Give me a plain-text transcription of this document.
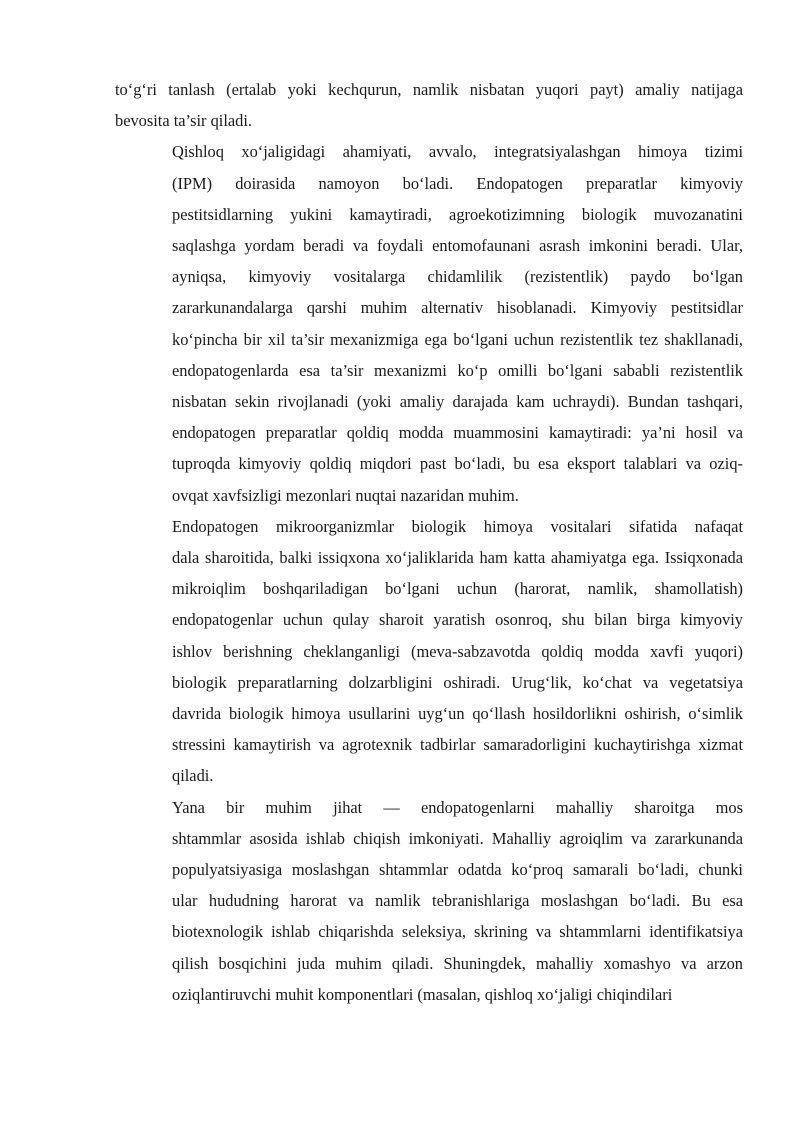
to‘g‘ri tanlash (ertalab yoki kechqurun, namlik nisbatan yuqori payt) amaliy natijaga
bevosita ta’sir qiladi.
Qishloq xo‘jaligidagi ahamiyati, avvalo, integratsiyalashgan himoya tizimi
(IPM) doirasida namoyon bo‘ladi. Endopatogen preparatlar kimyoviy
pestitsidlarning yukini kamaytiradi, agroekotizimning biologik muvozanatini
saqlashga yordam beradi va foydali entomofaunani asrash imkonini beradi. Ular,
ayniqsa, kimyoviy vositalarga chidamlilik (rezistentlik) paydo bo‘lgan
zararkunandalarga qarshi muhim alternativ hisoblanadi. Kimyoviy pestitsidlar
ko‘pincha bir xil ta’sir mexanizmiga ega bo‘lgani uchun rezistentlik tez shakllanadi,
endopatogenlarda esa ta’sir mexanizmi ko‘p omilli bo‘lgani sababli rezistentlik
nisbatan sekin rivojlanadi (yoki amaliy darajada kam uchraydi). Bundan tashqari,
endopatogen preparatlar qoldiq modda muammosini kamaytiradi: ya’ni hosil va
tuproqda kimyoviy qoldiq miqdori past bo‘ladi, bu esa eksport talablari va oziq-
ovqat xavfsizligi mezonlari nuqtai nazaridan muhim.
Endopatogen mikroorganizmlar biologik himoya vositalari sifatida nafaqat
dala sharoitida, balki issiqxona xo‘jaliklarida ham katta ahamiyatga ega. Issiqxonada
mikroiqlim boshqariladigan bo‘lgani uchun (harorat, namlik, shamollatish)
endopatogenlar uchun qulay sharoit yaratish osonroq, shu bilan birga kimyoviy
ishlov berishning cheklanganligi (meva-sabzavotda qoldiq modda xavfi yuqori)
biologik preparatlarning dolzarbligini oshiradi. Urug‘lik, ko‘chat va vegetatsiya
davrida biologik himoya usullarini uyg‘un qo‘llash hosildorlikni oshirish, o‘simlik
stressini kamaytirish va agrotexnik tadbirlar samaradorligini kuchaytirishga xizmat
qiladi.
Yana bir muhim jihat — endopatogenlarni mahalliy sharoitga mos
shtammlar asosida ishlab chiqish imkoniyati. Mahalliy agroiqlim va zararkunanda
populyatsiyasiga moslashgan shtammlar odatda ko‘proq samarali bo‘ladi, chunki
ular hududning harorat va namlik tebranishlariga moslashgan bo‘ladi. Bu esa
biotexnologik ishlab chiqarishda seleksiya, skrining va shtammlarni identifikatsiya
qilish bosqichini juda muhim qiladi. Shuningdek, mahalliy xomashyo va arzon
oziqlantiruvchi muhit komponentlari (masalan, qishloq xo‘jaligi chiqindilari
